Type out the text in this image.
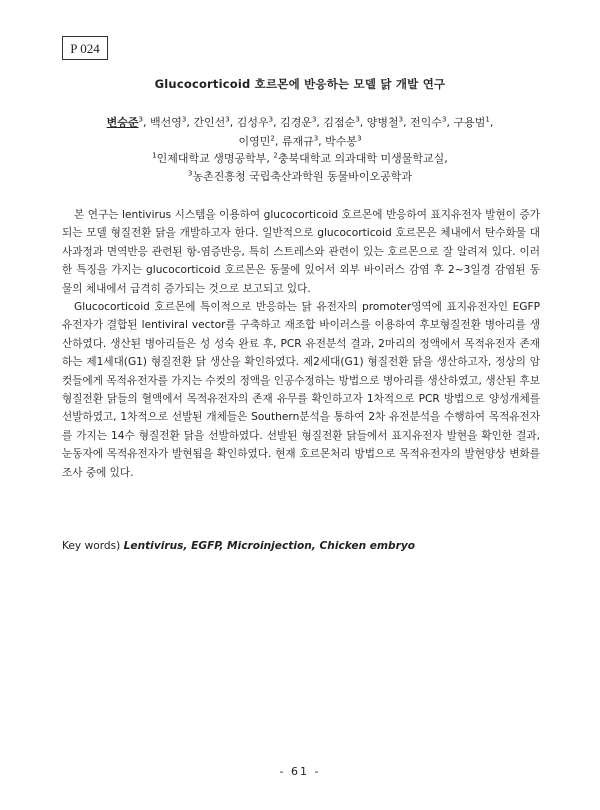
P 024
Glucocorticoid 호르몬에 반응하는 모델 닭 개발 연구
변승준$^3$, 백선영$^3$, 간인선$^3$, 김성우$^3$, 김경운$^3$, 김점순$^3$, 양병철$^3$, 전익수$^3$, 구용범$^1$,
이영민$^2$, 류재규$^3$, 박수봉$^3$
$^1$인제대학교 생명공학부, $^2$충북대학교 의과대학 미생물학교실,
$^3$농촌진흥청 국립축산과학원 동물바이오공학과

본 연구는 lentivirus 시스템을 이용하여 glucocorticoid 호르몬에 반응하여 표지유전자 발현이 증가되는 모델 형질전환 닭을 개발하고자 한다. 일반적으로 glucocorticoid 호르몬은 체내에서 탄수화물 대사과정과 면역반응 관련된 항-염증반응, 특히 스트레스와 관련이 있는 호르몬으로 잘 알려져 있다. 이러한 특징을 가지는 glucocorticoid 호르몬은 동물에 있어서 외부 바이러스 감염 후 2~3일경 감염된 동물의 체내에서 급격히 증가되는 것으로 보고되고 있다.

Glucocorticoid 호르몬에 특이적으로 반응하는 닭 유전자의 promoter영역에 표지유전자인 EGFP 유전자가 결합된 lentiviral vector를 구축하고 재조합 바이러스를 이용하여 후보형질전환 병아리를 생산하였다. 생산된 병아리들은 성 성숙 완료 후, PCR 유전분석 결과, 2마리의 정액에서 목적유전자 존재하는 제1세대(G1) 형질전환 닭 생산을 확인하였다. 제2세대(G1) 형질전환 닭을 생산하고자, 정상의 암컷들에게 목적유전자를 가지는 수컷의 정액을 인공수정하는 방법으로 병아리를 생산하였고, 생산된 후보형질전환 닭들의 혈액에서 목적유전자의 존재 유무를 확인하고자 1차적으로 PCR 방법으로 양성개체를 선발하였고, 1차적으로 선발된 개체들은 Southern분석을 통하여 2차 유전분석을 수행하여 목적유전자를 가지는 14수 형질전환 닭을 선발하였다. 선발된 형질전환 닭들에서 표지유전자 발현을 확인한 결과, 눈동자에 목적유전자가 발현됨을 확인하였다. 현재 호르몬처리 방법으로 목적유전자의 발현양상 변화를 조사 중에 있다.

Key words) Lentivirus, EGFP, Microinjection, Chicken embryo
- 61 -
